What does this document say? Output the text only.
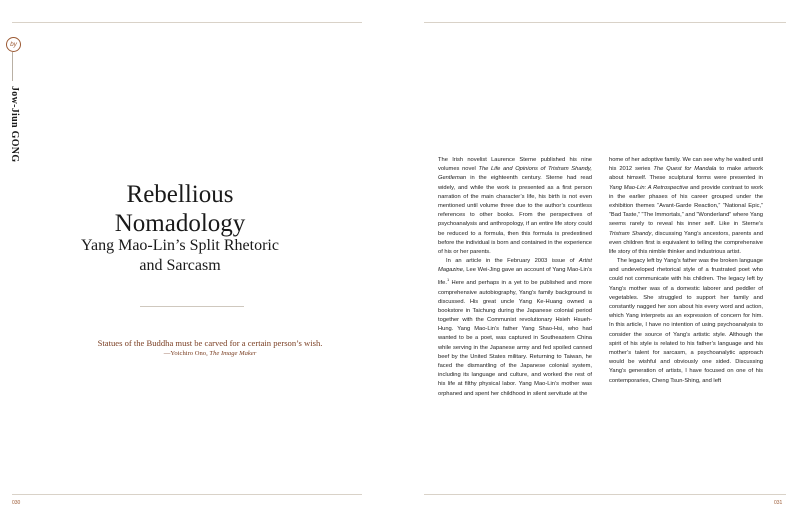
by
Jow-Jiun GONG
Rebellious
Nomadology
Yang Mao-Lin’s Split Rhetoric
and Sarcasm
Statues of the Buddha must be carved for a certain person’s wish.
—Yoichiro Ono, The Image Maker
030

The Irish novelist Laurence Sterne published his nine volumes novel The Life and Opinions of Tristram Shandy, Gentleman in the eighteenth century. Sterne had read widely, and while the work is presented as a first person narration of the main character’s life, his birth is not even mentioned until volume three due to the author’s countless references to other books. From the perspectives of psychoanalysis and anthropology, if an entire life story could be reduced to a formula, then this formula is predestined before the individual is born and contained in the experience of his or her parents.

In an article in the February 2003 issue of Artist Magazine, Lee Wei-Jing gave an account of Yang Mao-Lin’s life.$^1$ Here and perhaps in a yet to be published and more comprehensive autobiography, Yang’s family background is discussed. His great uncle Yang Ke-Huang owned a bookstore in Taichung during the Japanese colonial period together with the Communist revolutionary Hsieh Hsueh-Hung. Yang Mao-Lin’s father Yang Shao-Hsi, who had wanted to be a poet, was captured in Southeastern China while serving in the Japanese army and fed spoiled canned beef by the United States military. Returning to Taiwan, he faced the dismantling of the Japanese colonial system, including its language and culture, and worked the rest of his life at filthy physical labor. Yang Mao-Lin’s mother was orphaned and spent her childhood in silent servitude at the

home of her adoptive family. We can see why he waited until his 2012 series The Quest for Mandala to make artwork about himself. These sculptural forms were presented in Yang Mao-Lin: A Retrospective and provide contrast to work in the earlier phases of his career grouped under the exhibition themes “Avant-Garde Reaction,” “National Epic,” “Bad Taste,” “The Immortals,” and “Wonderland” where Yang seems rarely to reveal his inner self. Like in Sterne’s Tristram Shandy, discussing Yang’s ancestors, parents and even children first is equivalent to telling the comprehensive life story of this nimble thinker and industrious artist.

The legacy left by Yang’s father was the broken language and undeveloped rhetorical style of a frustrated poet who could not communicate with his children. The legacy left by Yang’s mother was of a domestic laborer and peddler of vegetables. She struggled to support her family and constantly nagged her son about his every word and action, which Yang interprets as an expression of concern for him. In this article, I have no intention of using psychoanalysis to consider the source of Yang’s artistic style. Although the spirit of his style is related to his father’s language and his mother’s talent for sarcasm, a psychoanalytic approach would be wishful and obviously one sided. Discussing Yang’s generation of artists, I have focused on one of his contemporaries, Cheng Tsun-Shing, and left

031
